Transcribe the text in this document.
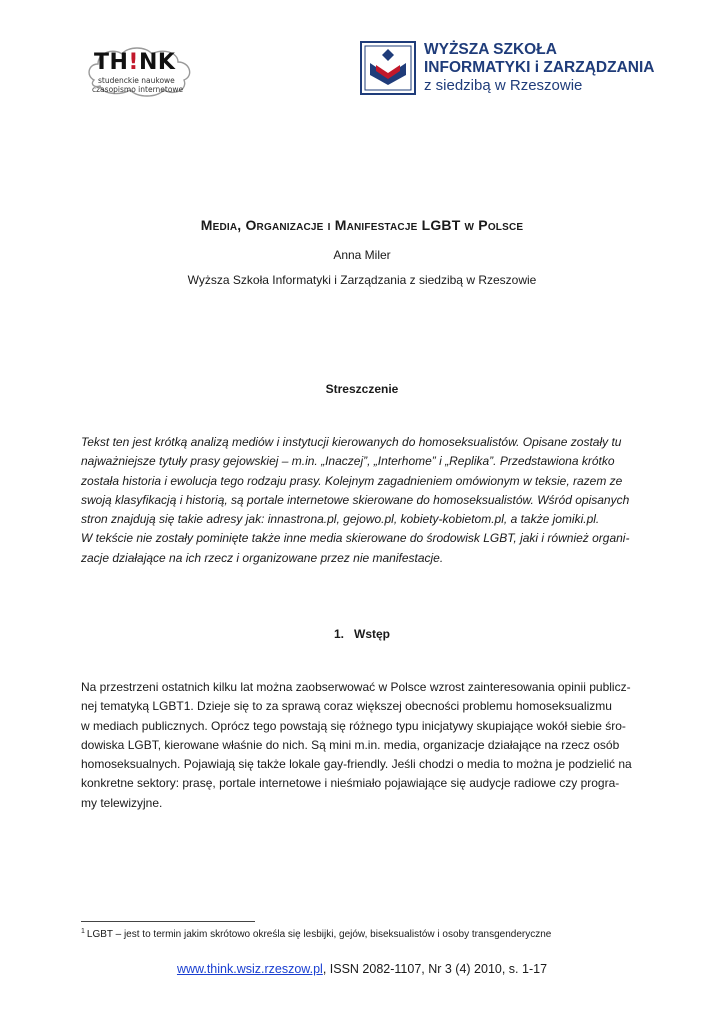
TH!NK
studenckie naukowe
czasopismo internetowe
WYŻSZA SZKOŁA
INFORMATYKI i ZARZĄDZANIA
z siedzibą w Rzeszowie
Media, Organizacje i Manifestacje LGBT w Polsce
Anna Miler
Wyższa Szkoła Informatyki i Zarządzania z siedzibą w Rzeszowie
Streszczenie
Tekst ten jest krótką analizą mediów i instytucji kierowanych do homoseksualistów. Opisane zostały tu
najważniejsze tytuły prasy gejowskiej – m.in. „Inaczej”, „Interhome” i „Replika”. Przedstawiona krótko
została historia i ewolucja tego rodzaju prasy. Kolejnym zagadnieniem omówionym w teksie, razem ze
swoją klasyfikacją i historią, są portale internetowe skierowane do homoseksualistów. Wśród opisanych
stron znajdują się takie adresy jak: innastrona.pl, gejowo.pl, kobiety-kobietom.pl, a także jomiki.pl.
W tekście nie zostały pominięte także inne media skierowane do środowisk LGBT, jaki i również organi-
zacje działające na ich rzecz i organizowane przez nie manifestacje.
1. Wstęp
Na przestrzeni ostatnich kilku lat można zaobserwować w Polsce wzrost zainteresowania opinii publicz-
nej tematyką LGBT1. Dzieje się to za sprawą coraz większej obecności problemu homoseksualizmu
w mediach publicznych. Oprócz tego powstają się różnego typu inicjatywy skupiające wokół siebie śro-
dowiska LGBT, kierowane właśnie do nich. Są mini m.in. media, organizacje działające na rzecz osób
homoseksualnych. Pojawiają się także lokale gay-friendly. Jeśli chodzi o media to można je podzielić na
konkretne sektory: prasę, portale internetowe i nieśmiało pojawiające się audycje radiowe czy progra-
my telewizyjne.
$^1$ LGBT – jest to termin jakim skrótowo określa się lesbijki, gejów, biseksualistów i osoby transgenderyczne
www.think.wsiz.rzeszow.pl, ISSN 2082-1107, Nr 3 (4) 2010, s. 1-17
